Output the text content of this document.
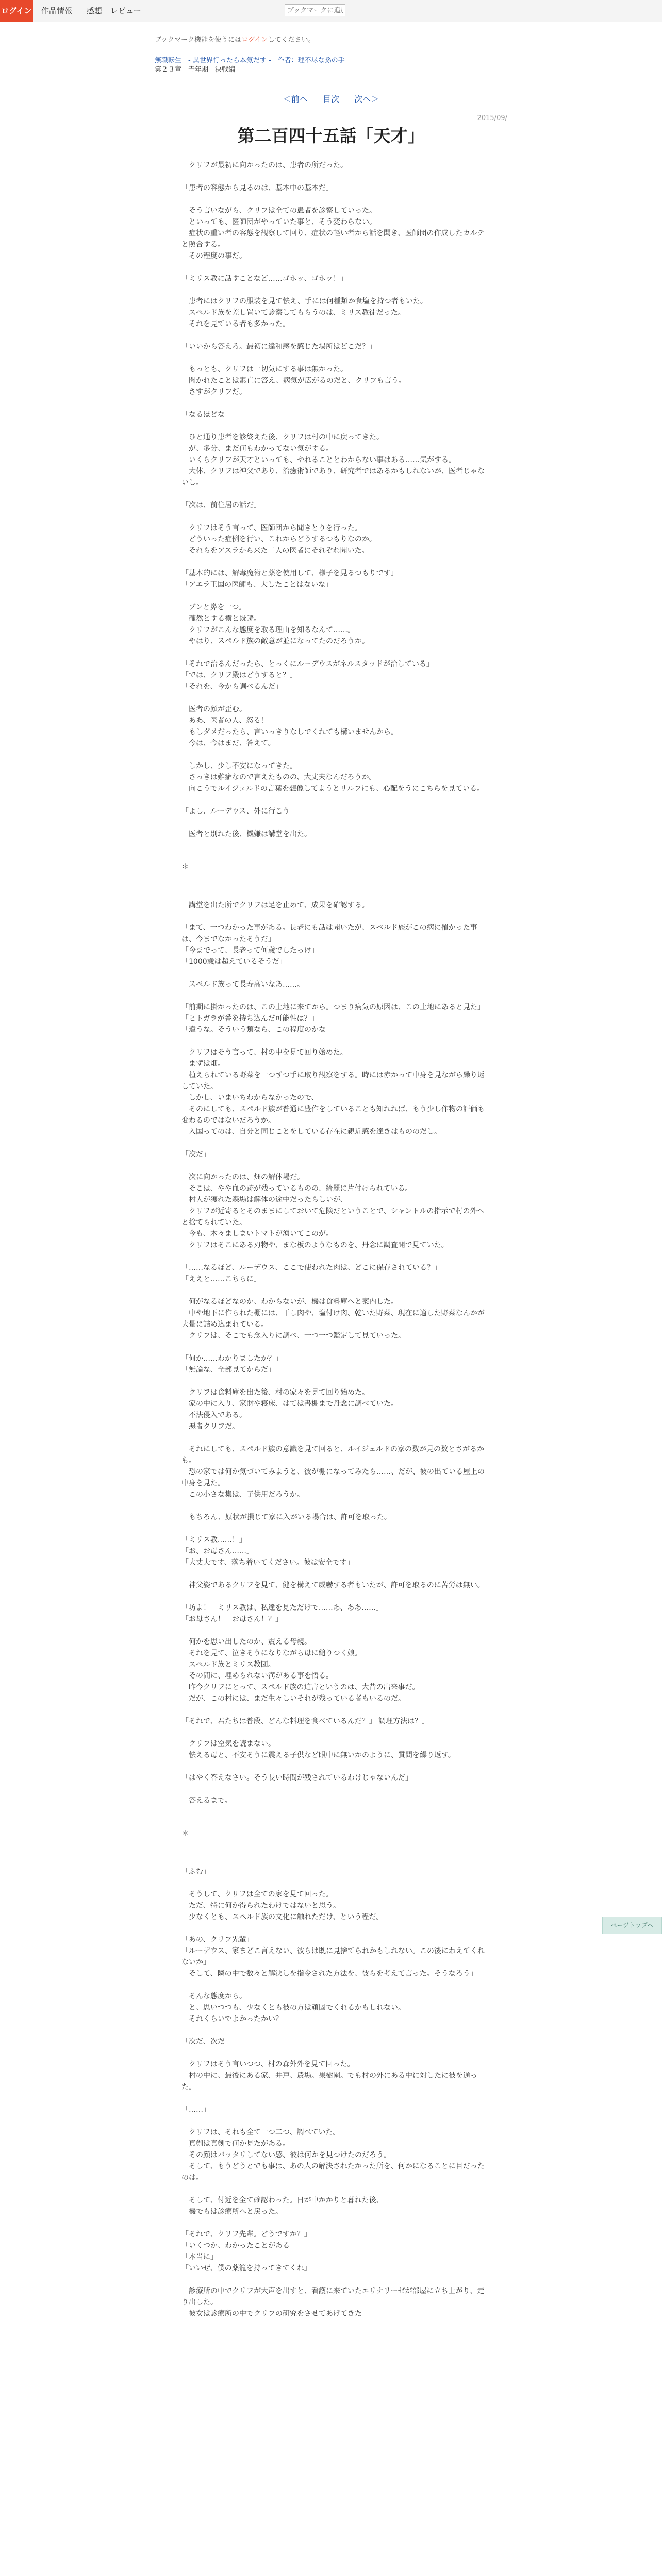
ログイン 作品情報 感想 レビュー
ブックマークに追加
ブックマーク機能を使うにはログインしてください。
無職転生　- 異世界行ったら本気だす -　作者：理不尽な孫の手
第２３章　青年期　決戦編
＜前へ 目次 次へ＞
2015/09/
第二百四十五話「天才」

　クリフが最初に向かったのは、患者の所だった。

「患者の容態から見るのは、基本中の基本だ」

　そう言いながら、クリフは全ての患者を診察していった。
　といっても、医師団がやっていた事と、そう変わらない。
　症状の重い者の容態を観察して回り、症状の軽い者から話を聞き、医師団の作成したカルテと照合する。
　その程度の事だ。

「ミリス教に話すことなど……ゴホッ、ゴホッ！」

　患者にはクリフの服装を見て怯え、手には何種類か食塩を持つ者もいた。
　スペルド族を差し置いて診察してもらうのは、ミリス教徒だった。
　それを見ている者も多かった。

「いいから答えろ。最初に違和感を感じた場所はどこだ？」

　もっとも、クリフは一切気にする事は無かった。
　聞かれたことは素直に答え、病気が広がるのだと、クリフも言う。
　さすがクリフだ。

「なるほどな」

　ひと通り患者を診終えた後、クリフは村の中に戻ってきた。
　が、多分、まだ何もわかってない気がする。
　いくらクリフが天才といっても、やれることとわからない事はある……気がする。
　大体、クリフは神父であり、治癒術師であり、研究者ではあるかもしれないが、医者じゃないし。

「次は、前住居の話だ」

　クリフはそう言って、医師団から聞きとりを行った。
　どういった症例を行い、これからどうするつもりなのか。
　それらをアスラから来た二人の医者にそれぞれ聞いた。

「基本的には、解毒魔術と薬を使用して、様子を見るつもりです」
「アエラ王国の医師も、大したことはないな」

　ブンと鼻を一つ。
　確然とする横と既読。
　クリフがこんな態度を取る理由を知るなんて……。
　やはり、スペルド族の敵意が並になってたのだろうか。

「それで治るんだったら、とっくにルーデウスがネルスタッドが治している」
「では、クリフ殿はどうすると？」
「それを、今から調べるんだ」

　医者の顔が歪む。
　ああ、医者の人、怒る！
　もしダメだったら、言いっきりなしでくれても構いませんから。
　今は、今はまだ、答えて。

　しかし、少し不安になってきた。
　さっきは難癖なので言えたものの、大丈夫なんだろうか。
　向こうでルイジェルドの言葉を想像してようとリルフにも、心配をうにこちらを見ている。

「よし、ルーデウス、外に行こう」

　医者と別れた後、機嫌は講堂を出た。

＊

　講堂を出た所でクリフは足を止めて、成果を確認する。

「まて、一つわかった事がある。長老にも話は聞いたが、スペルド族がこの病に罹かった事は、今までなかったそうだ」
「今までって、長老って何歳でしたっけ」
「1000歳は超えているそうだ」

　スペルド族って長寿高いなあ……。

「前期に掛かったのは、この土地に来てから。つまり病気の原因は、この土地にあると見た」
「ヒトガラが番を持ち込んだ可能性は？」
「違うな。そういう類なら、この程度のかな」

　クリフはそう言って、村の中を見て回り始めた。
　まずは畑。
　植えられている野菜を一つずつ手に取り観察をする。時には赤かって中身を見ながら繰り返していた。
　しかし、いまいちわからなかったので、
　そのにしても、スペルド族が普通に豊作をしていることも知れれば、もう少し作物の評価も変わるのではないだろうか。
　入国ってのは、自分と同じことをしている存在に親近感を達きはもののだし。

「次だ」

　次に向かったのは、畑の解体場だ。
　そこは、やや血の跡が残っているものの、綺麗に片付けられている。
　村人が獲れた森場は解体の途中だったらしいが、
　クリフが近寄るとそのままにしておいて危険だということで、シャントルの指示で村の外へと捨てられていた。
　今も、木々ましまいトマトが湧いてこのが。
　クリフはそこにある刃物や、まな板のようなものを、丹念に調査開で見ていた。

「……なるほど、ルーデウス、ここで使われた肉は、どこに保存されている？」
「ええと……こちらに」

　何がなるほどなのか、わからないが、機は食料庫へと案内した。
　中や地下に作られた棚には、干し肉や、塩付け肉、乾いた野菜、現在に適した野菜なんかが大量に詰め込まれている。
　クリフは、そこでも念入りに調べ、一つ一つ鑑定して見ていった。

「何か……わかりましたか？」
「無論な、全部見てからだ」

　クリフは食料庫を出た後、村の家々を見て回り始めた。
　家の中に入り、家財や寝床、はては書棚まで丹念に調べていた。
　不法侵入である。
　悪者クリフだ。

　それにしても、スペルド族の意識を見て回ると、ルイジェルドの家の数が見の数とさがるかも。
　恐の家では何か気づいてみようと、彼が棚になってみたら……、だが、彼の出ている屋上の中身を見た。
　この小さな集は、子供用だろうか。

　もちろん、原状が損じて家に入がいる場合は、許可を取った。

「ミリス教……！」
「お、お母さん……」
「大丈夫です、落ち着いてください。彼は安全です」

　神父姿であるクリフを見て、健を構えて威嚇する者もいたが、許可を取るのに苦労は無い。

「坊よ！　ミリス教は、私達を見ただけで……あ、ああ……」
「お母さん！　お母さん！？」

　何かを思い出したのか、震える母親。
　それを見て、泣きそうになりながら母に縋りつく娘。
　スペルド族とミリス教団。
　その間に、埋められない溝がある事を悟る。
　昨今クリフにとって、スペルド族の迫害というのは、大昔の出来事だ。
　だが、この村には、まだ生々しいそれが残っている者もいるのだ。

「それで、君たちは普段、どんな料理を食べているんだ？」 調理方法は？」

　クリフは空気を読まない。
　怯える母と、不安そうに震える子供など眼中に無いかのように、質問を繰り返す。

「はやく答えなさい。そう長い時間が残されているわけじゃないんだ」

　答えるまで。

＊

「ふむ」

　そうして、クリフは全ての家を見て回った。
　ただ、特に何か得られたわけではないと思う。
　少なくとも、スペルド族の文化に触れただけ、という程だ。

「あの、クリフ先輩」
「ルーデウス、家まどこ言えない、彼らは既に見捨てられかもしれない。この後にわえてくれないか」
　そして、隣の中で数々と解決しを指令された方法を、彼らを考えて言った。そうなろう」

　そんな態度から。
　と、思いつつも、少なくとも被の方は頑固でくれるかもしれない。
　それくらいでよかったかい？

「次だ、次だ」

　クリフはそう言いつつ、村の森外外を見て回った。
　村の中に、最後にある家、井戸、農場。果樹園。でも村の外にある中に対したに被を通った。

「……」

　クリフは、それも全て一つ二つ、調べていた。
　真剣は真剣で何か見たがある。
　その顔はバッタリしてない感、彼は何かを見つけたのだろう。
　そして、もうどうとでも事は、あの人の解決されたかった所を、何かになることに目だったのは。

　そして、付近を全て確認わった。日が中かかりと暮れた後、
　機でもは診療所へと戻った。

「それで、クリフ先輩。どうですか？」
「いくつか、わかったことがある」
「本当に」
「いいぜ、僕の薬籠を持ってきてくれ」

　診療所の中でクリフが大声を出すと、看護に来ていたエリナリーゼが部屋に立ち上がり、走り出した。
　彼女は診療所の中でクリフの研究をさせてあげてきた

ページトップへ
